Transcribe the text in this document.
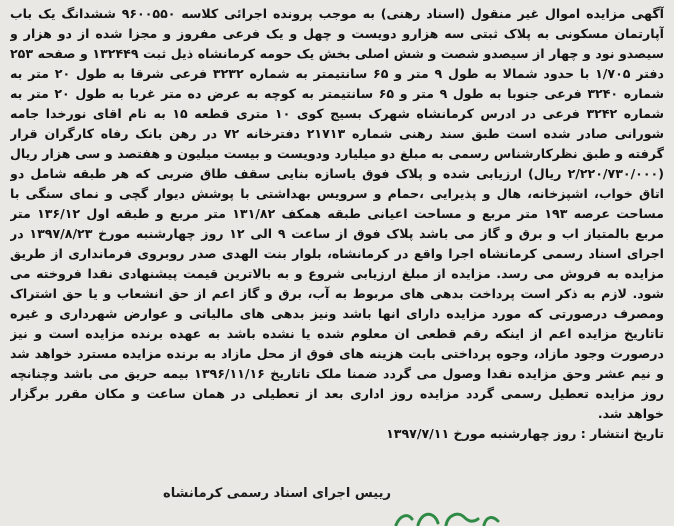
آگهی مزایده اموال غیر منقول (اسناد رهنی) به موجب پرونده اجرائی کلاسه ۹۶۰۰۵۵۰ ششدانگ یک باب آپارتمان مسکونی به پلاک ثبتی سه هزارو دویست و چهل و یک فرعی مفروز و مجزا شده از دو هزار و سیصدو نود و چهار از سیصدو شصت و شش اصلی بخش یک حومه کرمانشاه ذیل ثبت ۱۳۲۴۴۹ و صفحه ۲۵۳ دفتر ۱/۷۰۵ با حدود شمالا به طول ۹ متر و ۶۵ سانتیمتر به شماره ۳۲۳۲ فرعی شرقا به طول ۲۰ متر به شماره ۳۲۴۰ فرعی جنوبا به طول ۹ متر و ۶۵ سانتیمتر به کوچه به عرض ده متر غربا به طول ۲۰ متر به شماره ۳۲۴۲ فرعی در ادرس کرمانشاه شهرک بسیج کوی ۱۰ متری قطعه ۱۵ به نام اقای نورخدا جامه شورانی صادر شده است طبق سند رهنی شماره ۲۱۷۱۳ دفترخانه ۷۲ در رهن بانک رفاه کارگران قرار گرفته و طبق نظرکارشناس رسمی به مبلغ دو میلیارد ودویست و بیست میلیون و هفتصد و سی هزار ریال (۲/۲۲۰/۷۳۰/۰۰۰ ریال) ارزیابی شده و پلاک فوق یاسازه بنایی سقف طاق ضربی که هر طبقه شامل دو اتاق خواب، اشپزخانه، هال و پذیرایی ،حمام و سرویس بهداشتی با پوشش دیوار گچی و نمای سنگی با مساحت عرصه ۱۹۳ متر مربع و مساحت اعیانی طبقه همکف ۱۳۱/۸۲ متر مربع و طبقه اول ۱۳۶/۱۲ متر مربع بالمتیاز اب و برق و گاز می باشد پلاک فوق از ساعت ۹ الی ۱۲ روز چهارشنبه مورخ ۱۳۹۷/۸/۲۳ در اجرای اسناد رسمی کرمانشاه اجرا واقع در کرمانشاه، بلوار بنت الهدی صدر روبروی فرمانداری از طریق مزایده به فروش می رسد. مزایده از مبلغ ارزیابی شروع و به بالاترین قیمت پیشنهادی نقدا فروخته می شود. لازم به ذکر است پرداخت بدهی های مربوط به آب، برق و گاز اعم از حق انشعاب و یا حق اشتراک ومصرف درصورتی که مورد مزایده دارای انها باشد ونیز بدهی های مالیاتی و عوارض شهرداری و غیره تاتاریخ مزایده اعم از اینکه رقم قطعی ان معلوم شده یا نشده باشد به عهده برنده مزایده است و نیز درصورت وجود مازاد، وجوه پرداختی بابت هزینه های فوق از محل مازاد به برنده مزایده مسترد خواهد شد و نیم عشر وحق مزایده نقدا وصول می گردد ضمنا ملک تاتاریخ ۱۳۹۶/۱۱/۱۶ بیمه حریق می باشد وچنانچه روز مزایده تعطیل رسمی گردد مزایده روز اداری بعد از تعطیلی در همان ساعت و مکان مقرر برگزار خواهد شد.

تاریخ انتشار : روز چهارشنبه مورخ ۱۳۹۷/۷/۱۱

رییس اجرای اسناد رسمی کرمانشاه
